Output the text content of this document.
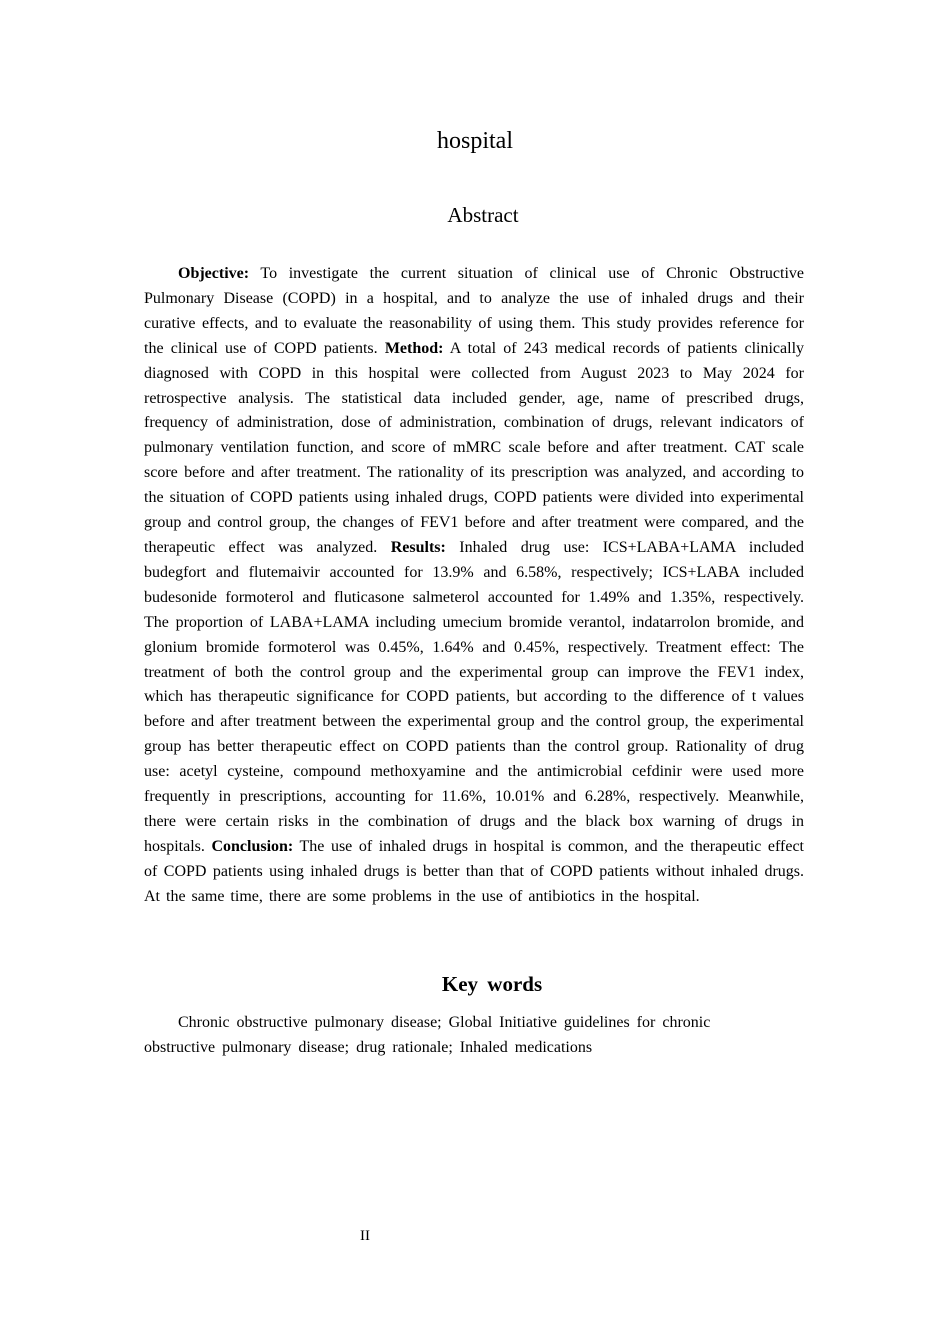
hospital
Abstract

Objective: To investigate the current situation of clinical use of Chronic Obstructive Pulmonary Disease (COPD) in a hospital, and to analyze the use of inhaled drugs and their curative effects, and to evaluate the reasonability of using them. This study provides reference for the clinical use of COPD patients. Method: A total of 243 medical records of patients clinically diagnosed with COPD in this hospital were collected from August 2023 to May 2024 for retrospective analysis. The statistical data included gender, age, name of prescribed drugs, frequency of administration, dose of administration, combination of drugs, relevant indicators of pulmonary ventilation function, and score of mMRC scale before and after treatment. CAT scale score before and after treatment. The rationality of its prescription was analyzed, and according to the situation of COPD patients using inhaled drugs, COPD patients were divided into experimental group and control group, the changes of FEV1 before and after treatment were compared, and the therapeutic effect was analyzed. Results: Inhaled drug use: ICS+LABA+LAMA included budegfort and flutemaivir accounted for 13.9% and 6.58%, respectively; ICS+LABA included budesonide formoterol and fluticasone salmeterol accounted for 1.49% and 1.35%, respectively. The proportion of LABA+LAMA including umecium bromide verantol, indatarrolon bromide, and glonium bromide formoterol was 0.45%, 1.64% and 0.45%, respectively. Treatment effect: The treatment of both the control group and the experimental group can improve the FEV1 index, which has therapeutic significance for COPD patients, but according to the difference of t values before and after treatment between the experimental group and the control group, the experimental group has better therapeutic effect on COPD patients than the control group. Rationality of drug use: acetyl cysteine, compound methoxyamine and the antimicrobial cefdinir were used more frequently in prescriptions, accounting for 11.6%, 10.01% and 6.28%, respectively. Meanwhile, there were certain risks in the combination of drugs and the black box warning of drugs in hospitals. Conclusion: The use of inhaled drugs in hospital is common, and the therapeutic effect of COPD patients using inhaled drugs is better than that of COPD patients without inhaled drugs. At the same time, there are some problems in the use of antibiotics in the hospital.

Key words

Chronic obstructive pulmonary disease; Global Initiative guidelines for chronic obstructive pulmonary disease; drug rationale; Inhaled medications

II
